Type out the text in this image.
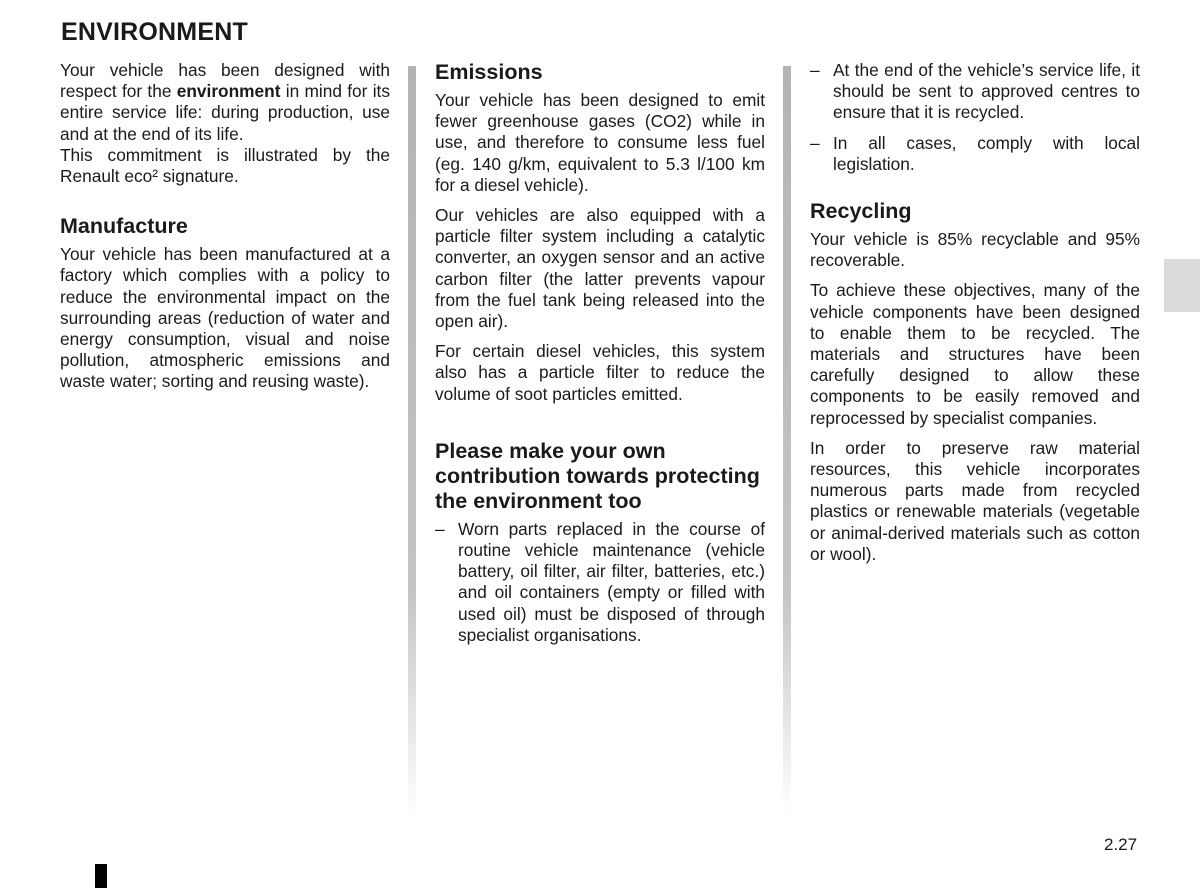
ENVIRONMENT

Your vehicle has been designed with respect for the environment in mind for its entire service life: during production, use and at the end of its life.

This commitment is illustrated by the Renault eco² signature.

Manufacture

Your vehicle has been manufactured at a factory which complies with a policy to reduce the environmental impact on the surrounding areas (reduction of water and energy consumption, visual and noise pollution, atmospheric emissions and waste water; sorting and reusing waste).

Emissions

Your vehicle has been designed to emit fewer greenhouse gases (CO2) while in use, and therefore to consume less fuel (eg. 140 g/km, equivalent to 5.3 l/100 km for a diesel vehicle).

Our vehicles are also equipped with a particle filter system including a catalytic converter, an oxygen sensor and an active carbon filter (the latter prevents vapour from the fuel tank being released into the open air).

For certain diesel vehicles, this system also has a particle filter to reduce the volume of soot particles emitted.

Please make your own contribution towards protecting the environment too
– Worn parts replaced in the course of routine vehicle maintenance (vehicle battery, oil filter, air filter, batteries, etc.) and oil containers (empty or filled with used oil) must be disposed of through specialist organisations.
– At the end of the vehicle’s service life, it should be sent to approved centres to ensure that it is recycled.
– In all cases, comply with local legislation.
Recycling

Your vehicle is 85% recyclable and 95% recoverable.

To achieve these objectives, many of the vehicle components have been designed to enable them to be recycled. The materials and structures have been carefully designed to allow these components to be easily removed and reprocessed by specialist companies.

In order to preserve raw material resources, this vehicle incorporates numerous parts made from recycled plastics or renewable materials (vegetable or animal-derived materials such as cotton or wool).

2.27
